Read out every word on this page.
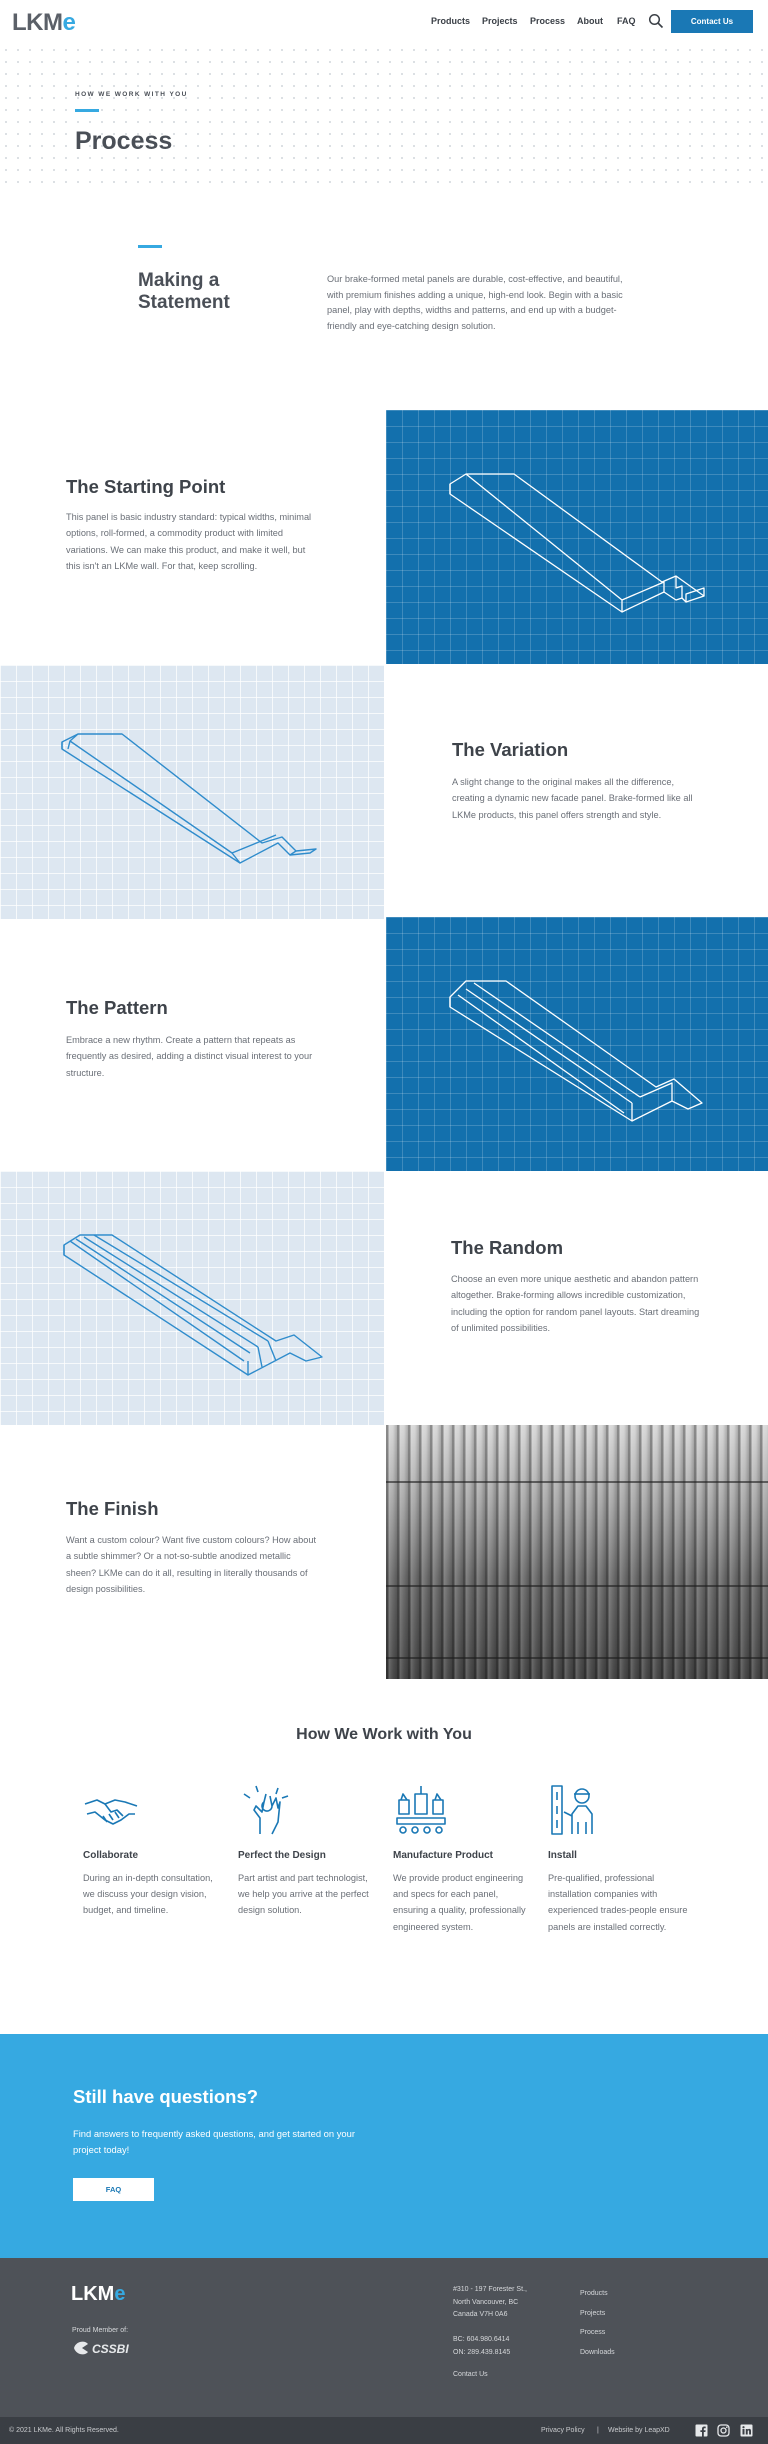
LKMe	Products Projects Process About FAQ	Contact Us
HOW WE WORK WITH YOU
Process
Making a
Statement

Our brake-formed metal panels are durable, cost-effective, and beautiful, with premium finishes adding a unique, high-end look. Begin with a basic panel, play with depths, widths and patterns, and end up with a budget-friendly and eye-catching design solution.

The Starting Point

This panel is basic industry standard: typical widths, minimal options, roll-formed, a commodity product with limited variations. We can make this product, and make it well, but this isn't an LKMe wall. For that, keep scrolling.

The Variation

A slight change to the original makes all the difference, creating a dynamic new facade panel. Brake-formed like all LKMe products, this panel offers strength and style.

The Pattern

Embrace a new rhythm. Create a pattern that repeats as frequently as desired, adding a distinct visual interest to your structure.

The Random

Choose an even more unique aesthetic and abandon pattern altogether. Brake-forming allows incredible customization, including the option for random panel layouts. Start dreaming of unlimited possibilities.

The Finish

Want a custom colour? Want five custom colours? How about a subtle shimmer? Or a not-so-subtle anodized metallic sheen? LKMe can do it all, resulting in literally thousands of design possibilities.

How We Work with You
Collaborate
During an in-depth consultation, we discuss your design vision, budget, and timeline.
Perfect the Design
Part artist and part technologist, we help you arrive at the perfect design solution.
Manufacture Product
We provide product engineering and specs for each panel, ensuring a quality, professionally engineered system.
Install
Pre-qualified, professional installation companies with experienced trades-people ensure panels are installed correctly.
Still have questions?

Find answers to frequently asked questions, and get started on your project today!

FAQ
LKMe
Proud Member of:
CSSBI
#310 - 197 Forester St.,
North Vancouver, BC
Canada V7H 0A6
BC: 604.980.6414
ON: 289.439.8145
Contact Us
Products
Projects
Process
Downloads
© 2021 LKMe. All Rights Reserved.	Privacy Policy | Website by LeapXD
